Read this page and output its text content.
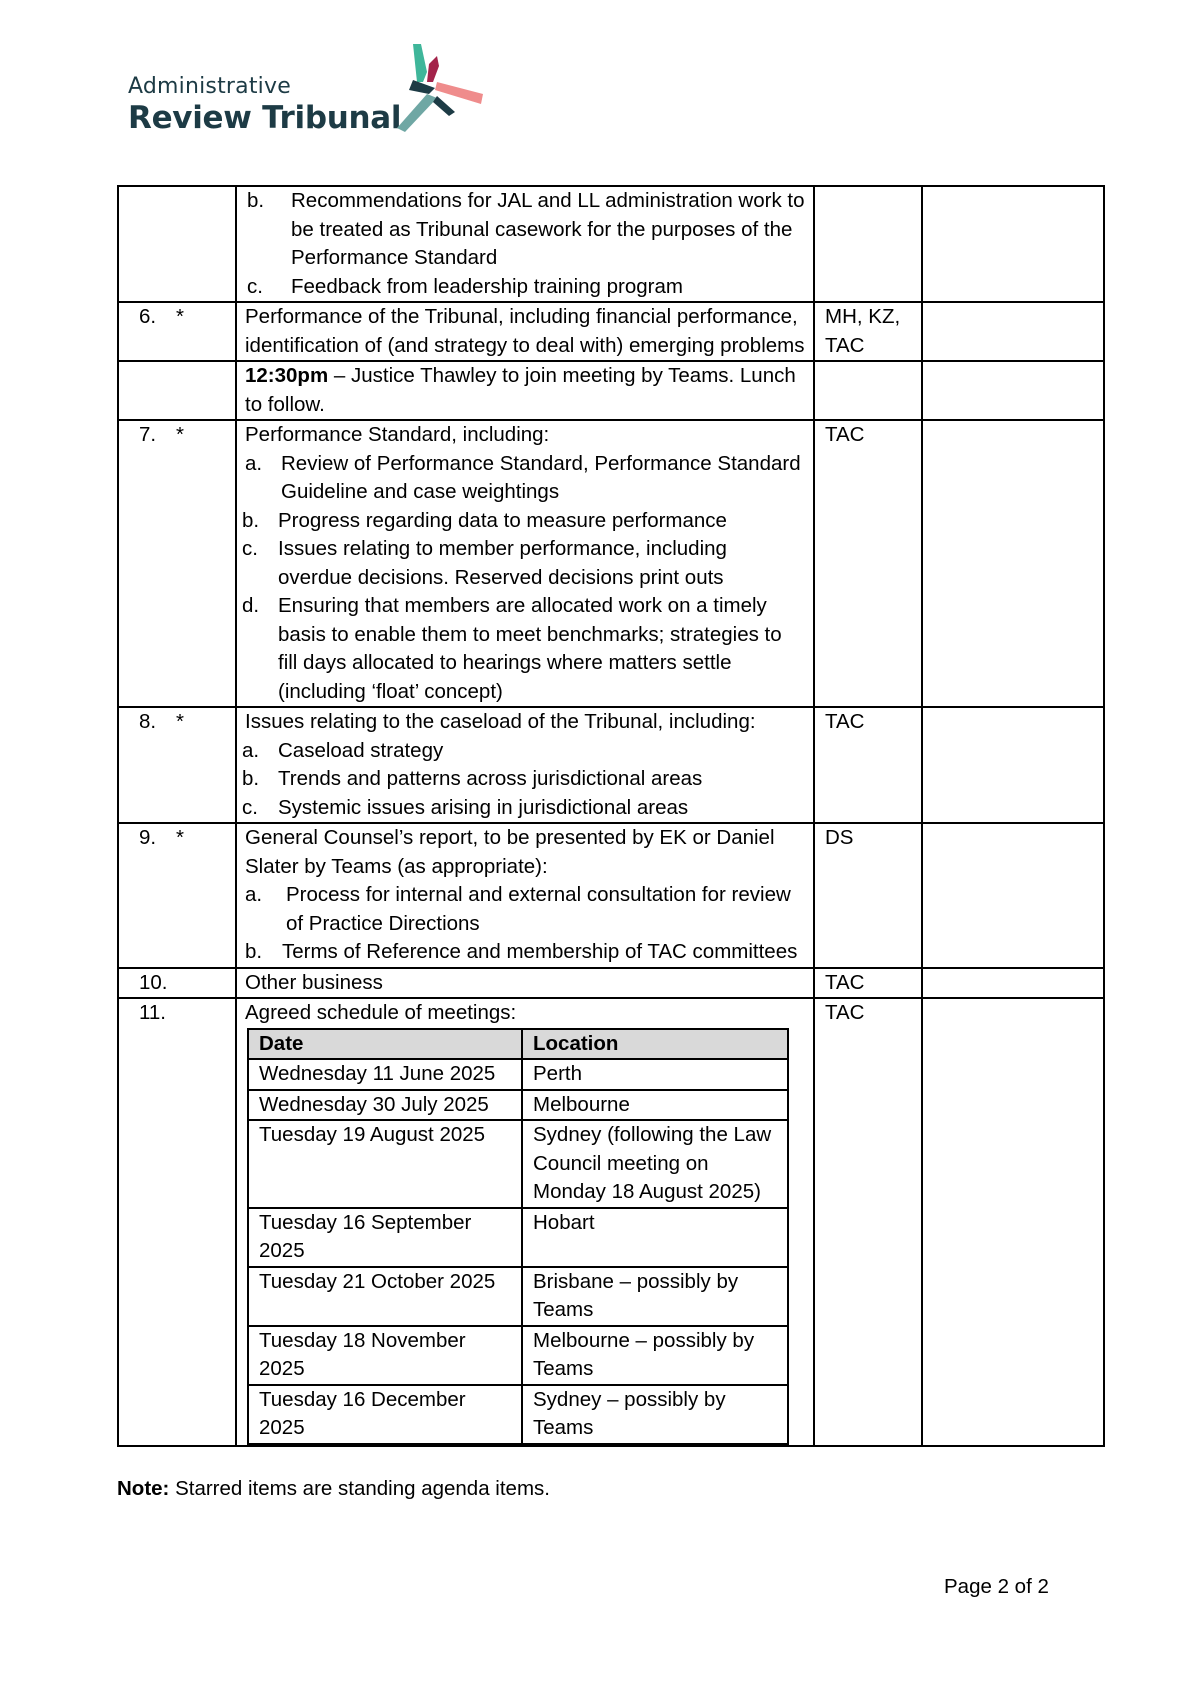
Administrative
Review Tribunal

b.	Recommendations for JAL and LL administration work to be treated as Tribunal casework for the purposes of the Performance Standard
c.	Feedback from leadership training program

6. *	Performance of the Tribunal, including financial performance, identification of (and strategy to deal with) emerging problems	MH, KZ, TAC	
	12:30pm – Justice Thawley to join meeting by Teams. Lunch to follow.		
7. *	Performance Standard, including:
a. Review of Performance Standard, Performance Standard Guideline and case weightings
b. Progress regarding data to measure performance
c. Issues relating to member performance, including overdue decisions. Reserved decisions print outs
d. Ensuring that members are allocated work on a timely basis to enable them to meet benchmarks; strategies to fill days allocated to hearings where matters settle (including ‘float’ concept)
	TAC	
8. *	Issues relating to the caseload of the Tribunal, including:
a. Caseload strategy
b. Trends and patterns across jurisdictional areas
c. Systemic issues arising in jurisdictional areas
	TAC	
9. *	General Counsel’s report, to be presented by EK or Daniel Slater by Teams (as appropriate):
a.	Process for internal and external consultation for review of Practice Directions
b. Terms of Reference and membership of TAC committees
	DS	
10.	Other business	TAC	
11.	Agreed schedule of meetings:
Date	Location
Wednesday 11 June 2025	Perth
Wednesday 30 July 2025	Melbourne
Tuesday 19 August 2025	Sydney (following the Law Council meeting on Monday 18 August 2025)
Tuesday 16 September 2025	Hobart
Tuesday 21 October 2025	Brisbane – possibly by Teams
Tuesday 18 November 2025	Melbourne – possibly by Teams
Tuesday 16 December 2025	Sydney – possibly by Teams
	TAC	
Note: Starred items are standing agenda items.
Page 2 of 2
